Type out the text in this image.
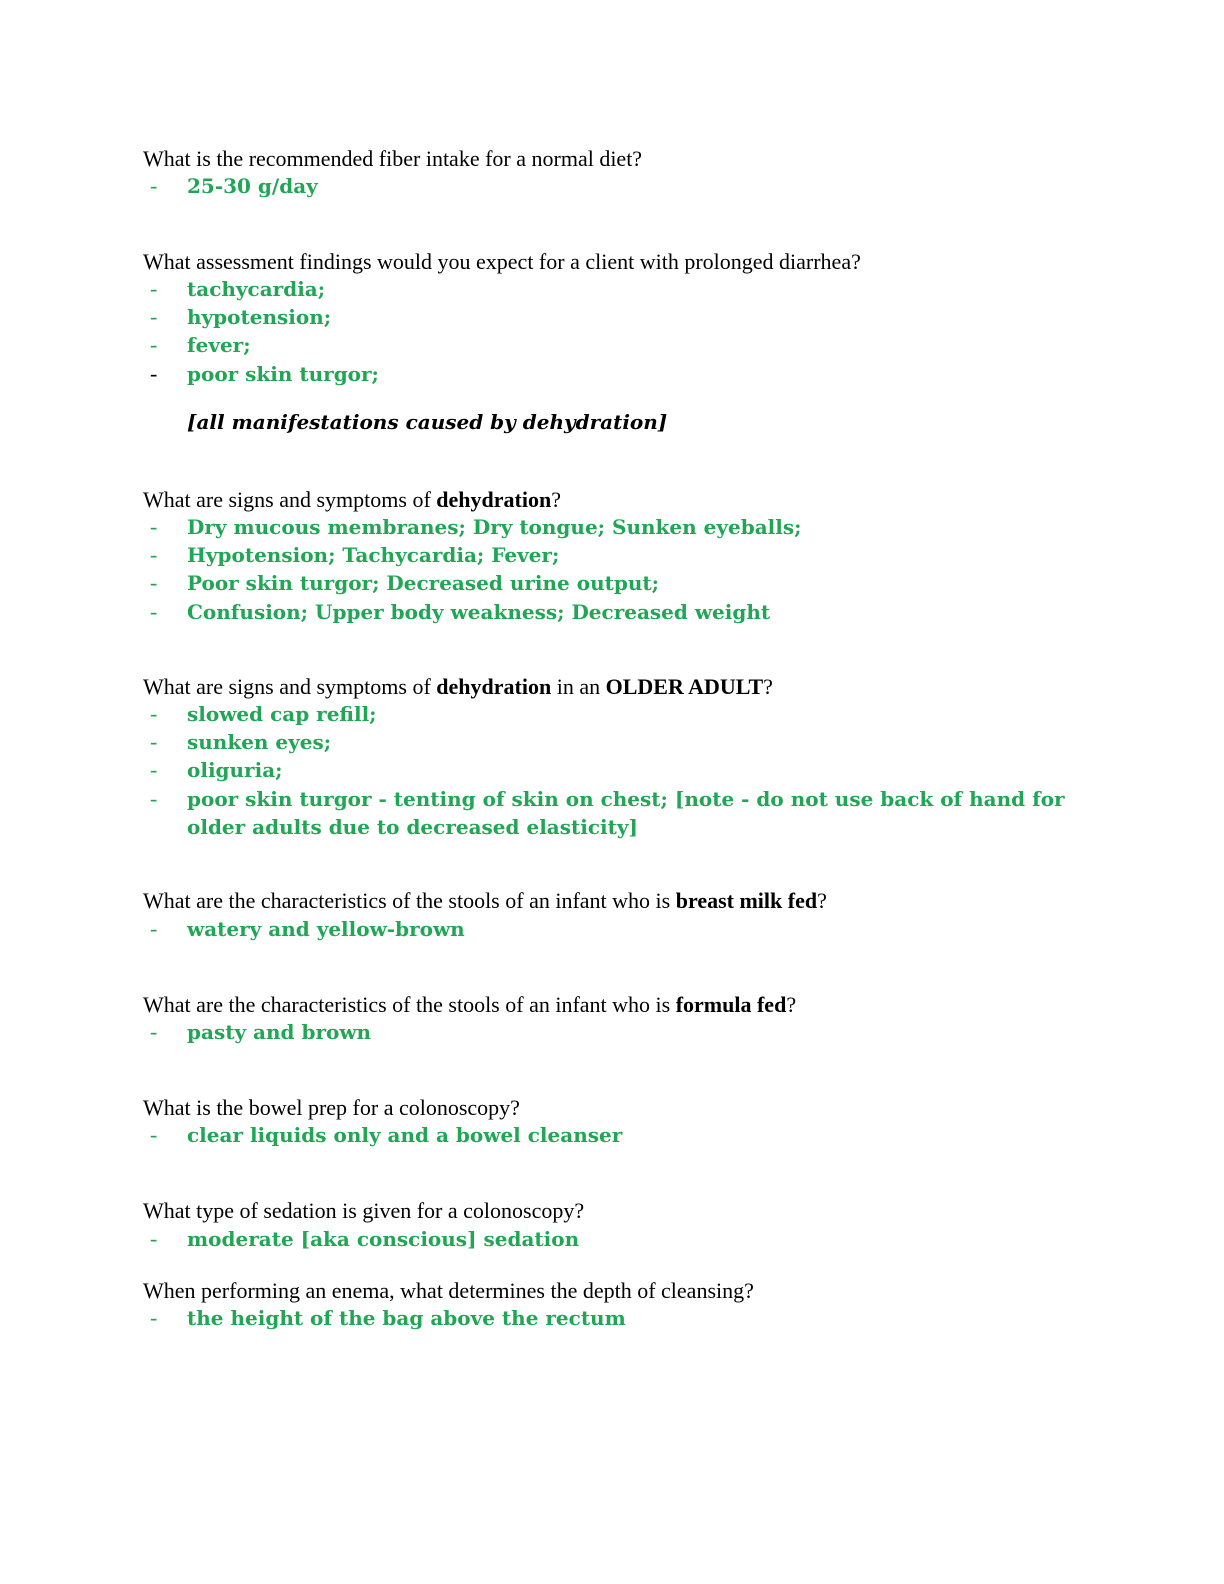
What is the recommended fiber intake for a normal diet?
- 25-30 g/day
What assessment findings would you expect for a client with prolonged diarrhea?
- tachycardia;
- hypotension;
- fever;
- poor skin turgor;
[all manifestations caused by dehydration]
What are signs and symptoms of dehydration?
- Dry mucous membranes; Dry tongue; Sunken eyeballs;
- Hypotension; Tachycardia; Fever;
- Poor skin turgor; Decreased urine output;
- Confusion; Upper body weakness; Decreased weight
What are signs and symptoms of dehydration in an OLDER ADULT?
- slowed cap refill;
- sunken eyes;
- oliguria;
- poor skin turgor - tenting of skin on chest; [note - do not use back of hand for
older adults due to decreased elasticity]
What are the characteristics of the stools of an infant who is breast milk fed?
- watery and yellow-brown
What are the characteristics of the stools of an infant who is formula fed?
- pasty and brown
What is the bowel prep for a colonoscopy?
- clear liquids only and a bowel cleanser
What type of sedation is given for a colonoscopy?
- moderate [aka conscious] sedation
When performing an enema, what determines the depth of cleansing?
- the height of the bag above the rectum
